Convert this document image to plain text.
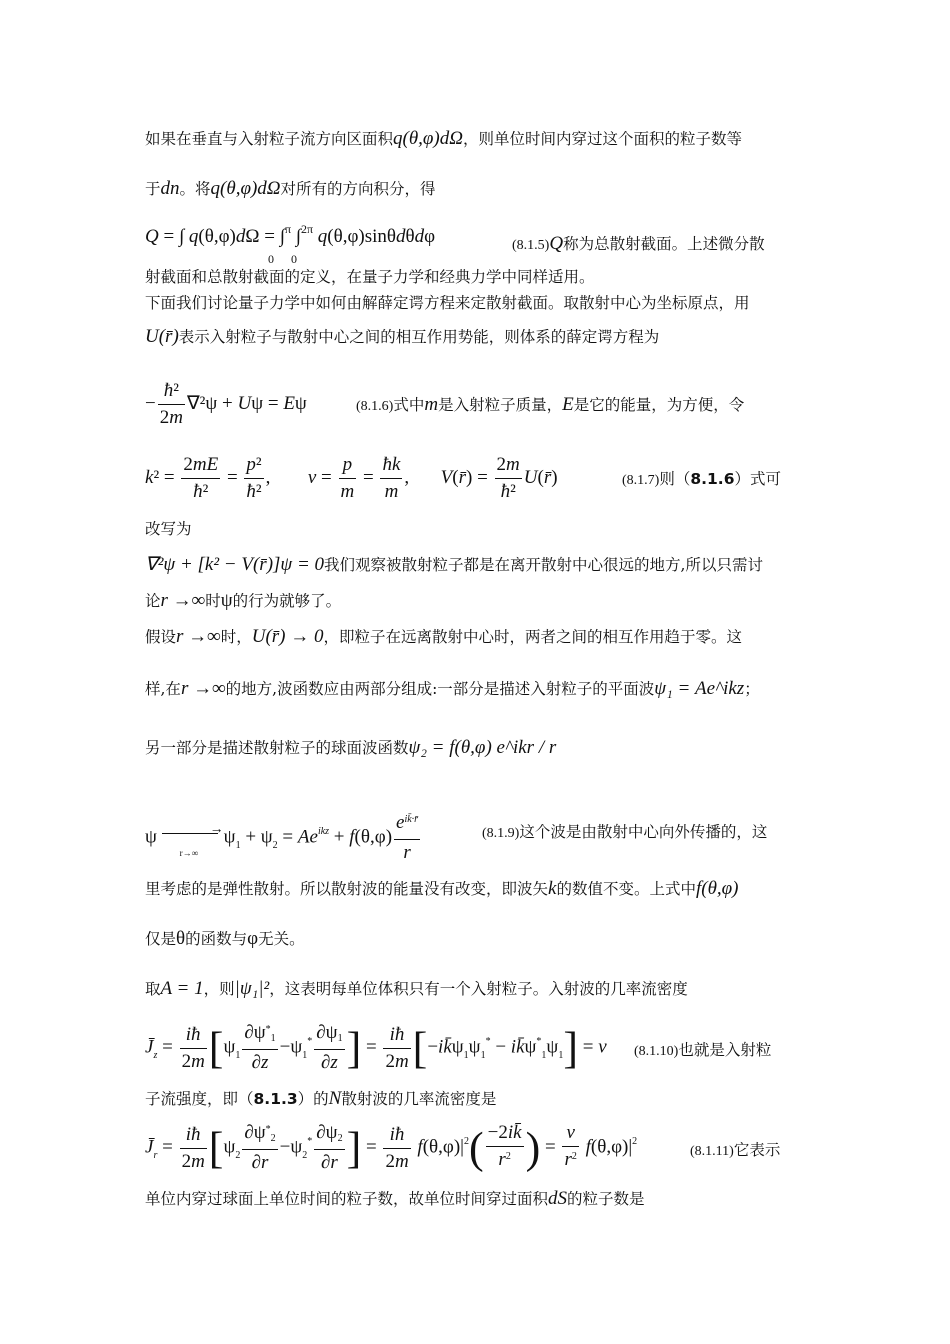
如果在垂直与入射粒子流方向区面积q(θ,φ)dΩ，则单位时间内穿过这个面积的粒子数等
于dn。将q(θ,φ)dΩ对所有的方向积分，得
Q = ∫ q(θ,φ)dΩ = ∫$^\pi$ ∫$^{2\pi}$ q(θ,φ)sinθdθdφ
0 0
(8.1.5)Q称为总散射截面。上述微分散
射截面和总散射截面的定义，在量子力学和经典力学中同样适用。
下面我们讨论量子力学中如何由解薛定谔方程来定散射截面。取散射中心为坐标原点，用
U(r̄)表示入射粒子与散射中心之间的相互作用势能，则体系的薛定谔方程为
− $\frac{\text{ħ²}}{2m} \nabla^2\psi + U\psi = E\psi$	(8.1.6)式中m是入射粒子质量，E是它的能量，为方便，令
$k^2 = \frac{2mE}{\text{ħ²}} = \frac{\text{p²}}{\text{ħ²}}$ ,  $v = \frac{p}{m} = \frac{ħk}{m}$ ,  V(r̄) = $\frac{2m}{\text{ħ²}}$ U(r̄)	(8.1.7)则（8.1.6）式可
改写为
∇²ψ + [k² − V(r̄)]ψ = 0我们观察被散射粒子都是在离开散射中心很远的地方,所以只需讨
论r →∞时ψ的行为就够了。
假设r →∞时，U(r̄) → 0，即粒子在远离散射中心时，两者之间的相互作用趋于零。这
样,在r →∞的地方,波函数应由两部分组成:一部分是描述入射粒子的平面波ψ₁ = Ae^ikz；
另一部分是描述散射粒子的球面波函数ψ₂ = f(θ,φ) e^ikr / r
ψ	→
r→∞
$\psi_1 + \psi_2 = Ae^{ikz} + f(\theta,\varphi) \frac{e^{ik̄\cdot r̄}}{r}$	(8.1.9)这个波是由散射中心向外传播的，这
里考虑的是弹性散射。所以散射波的能量没有改变，即波矢k的数值不变。上式中f(θ,φ)
仅是θ的函数与φ无关。
取A = 1，则|ψ₁|²，这表明每单位体积只有一个入射粒子。入射波的几率流密度
$J̄_z = \frac{iħ}{2m} [\psi_1 \frac{\partial\psi^*1}{\partial z} -\psi_1^* \frac{\partial\psi 1}{\partial z}$ ] = $\frac{iħ}{2m}$ [$-ik̄\psi_1\psi_1^*$ − $ik̄\psi^*_1\psi_1] = v$ (8.1.10)也就是入射粒
子流强度，即（8.1.3）的N散射波的几率流密度是
$J̄_r = \frac{iħ}{2m} [\psi_2 \frac{\partial\psi^*2}{\partial r} -\psi_2^* \frac{\partial\psi 2}{\partial r}$ ] = $\frac{iħ}{2m} f(\theta,\varphi)|^2( \frac{-2ik̄}{r^2}$ ) = $\frac{v}{r^2} f(\theta,\varphi)|^2$
(8.1.11)它表示
单位内穿过球面上单位时间的粒子数，故单位时间穿过面积dS的粒子数是
